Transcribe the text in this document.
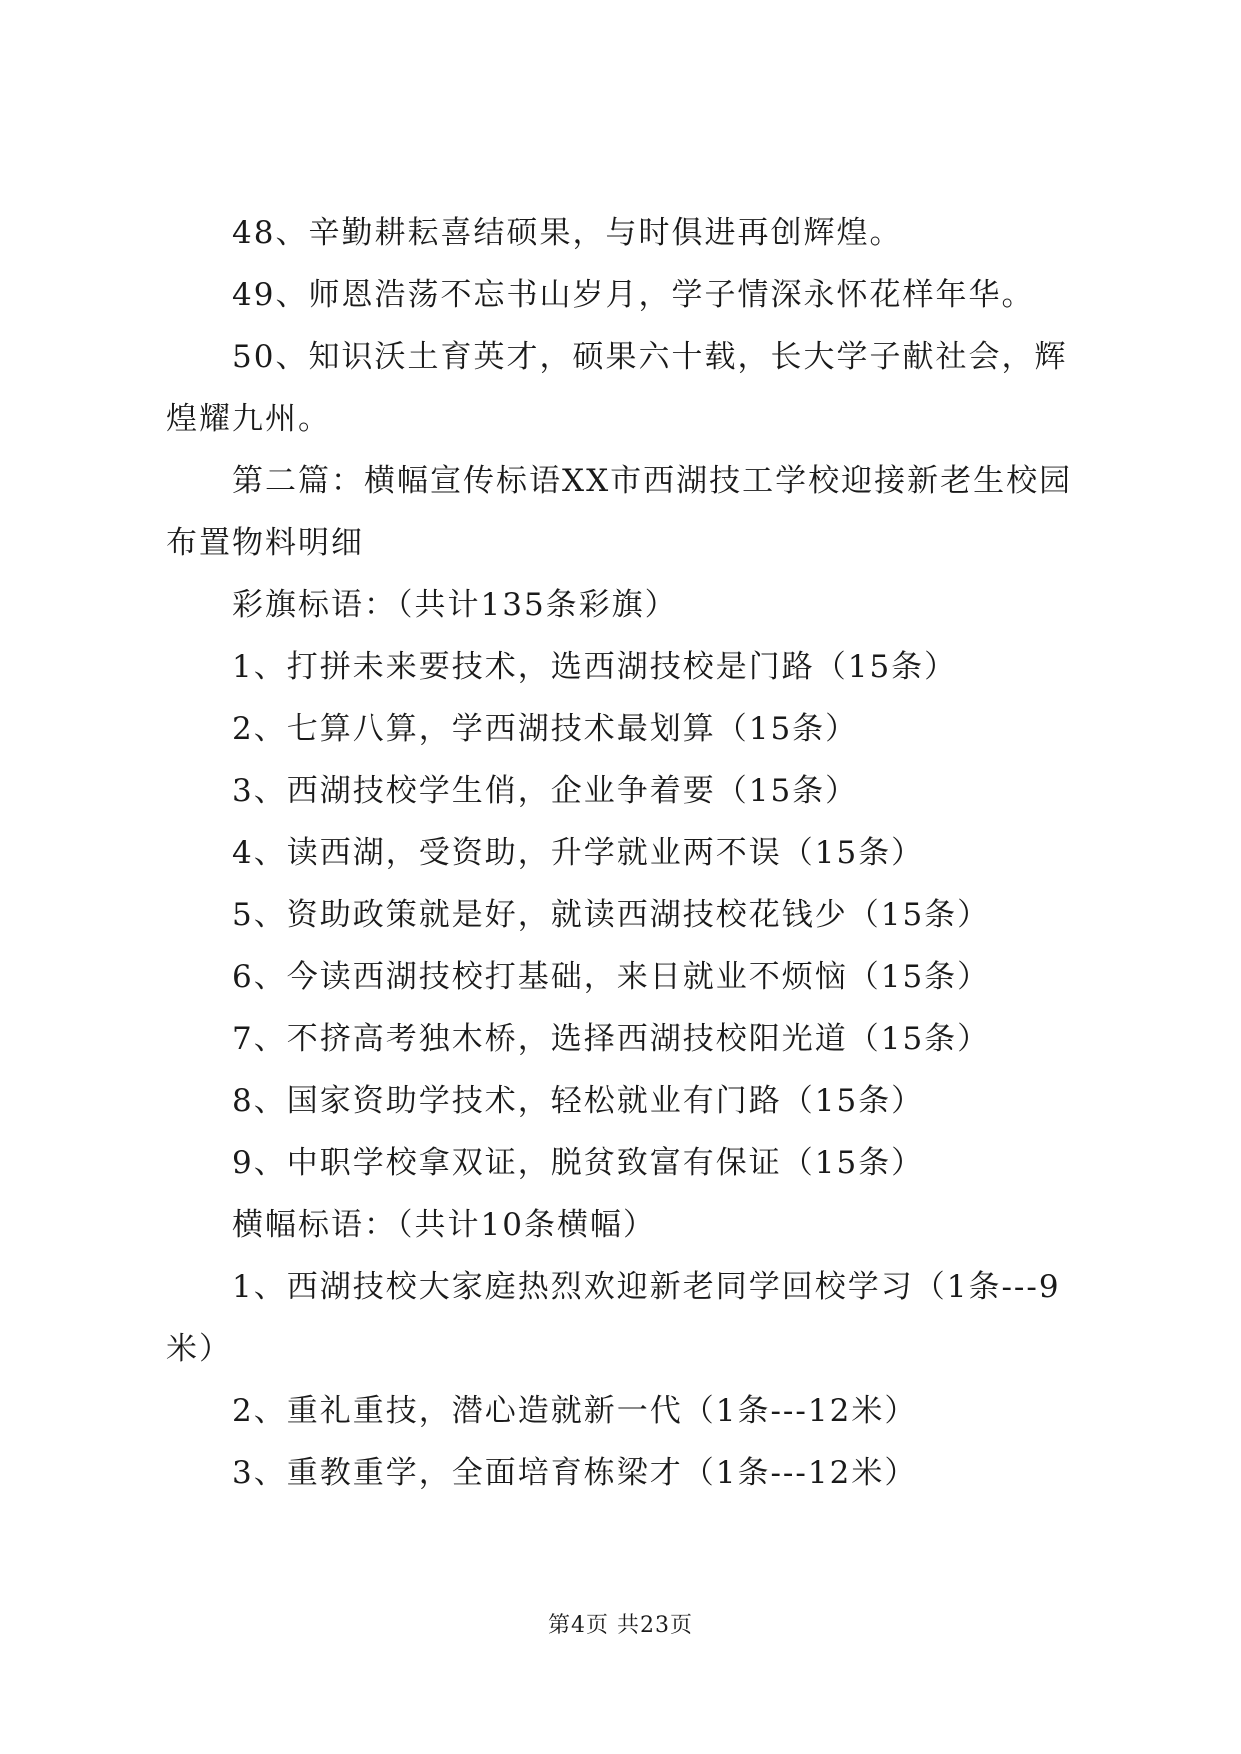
48、辛勤耕耘喜结硕果，与时俱进再创辉煌。

49、师恩浩荡不忘书山岁月，学子情深永怀花样年华。

50、知识沃土育英才，硕果六十载，长大学子献社会，辉煌耀九州。

第二篇：横幅宣传标语XX市西湖技工学校迎接新老生校园布置物料明细

彩旗标语：（共计135条彩旗）

1、打拼未来要技术，选西湖技校是门路（15条）

2、七算八算，学西湖技术最划算（15条）

3、西湖技校学生俏，企业争着要（15条）

4、读西湖，受资助，升学就业两不误（15条）

5、资助政策就是好，就读西湖技校花钱少（15条）

6、今读西湖技校打基础，来日就业不烦恼（15条）

7、不挤高考独木桥，选择西湖技校阳光道（15条）

8、国家资助学技术，轻松就业有门路（15条）

9、中职学校拿双证，脱贫致富有保证（15条）

横幅标语：（共计10条横幅）

1、西湖技校大家庭热烈欢迎新老同学回校学习（1条---9米）

2、重礼重技，潜心造就新一代（1条---12米）

3、重教重学，全面培育栋梁才（1条---12米）

第4页 共23页
